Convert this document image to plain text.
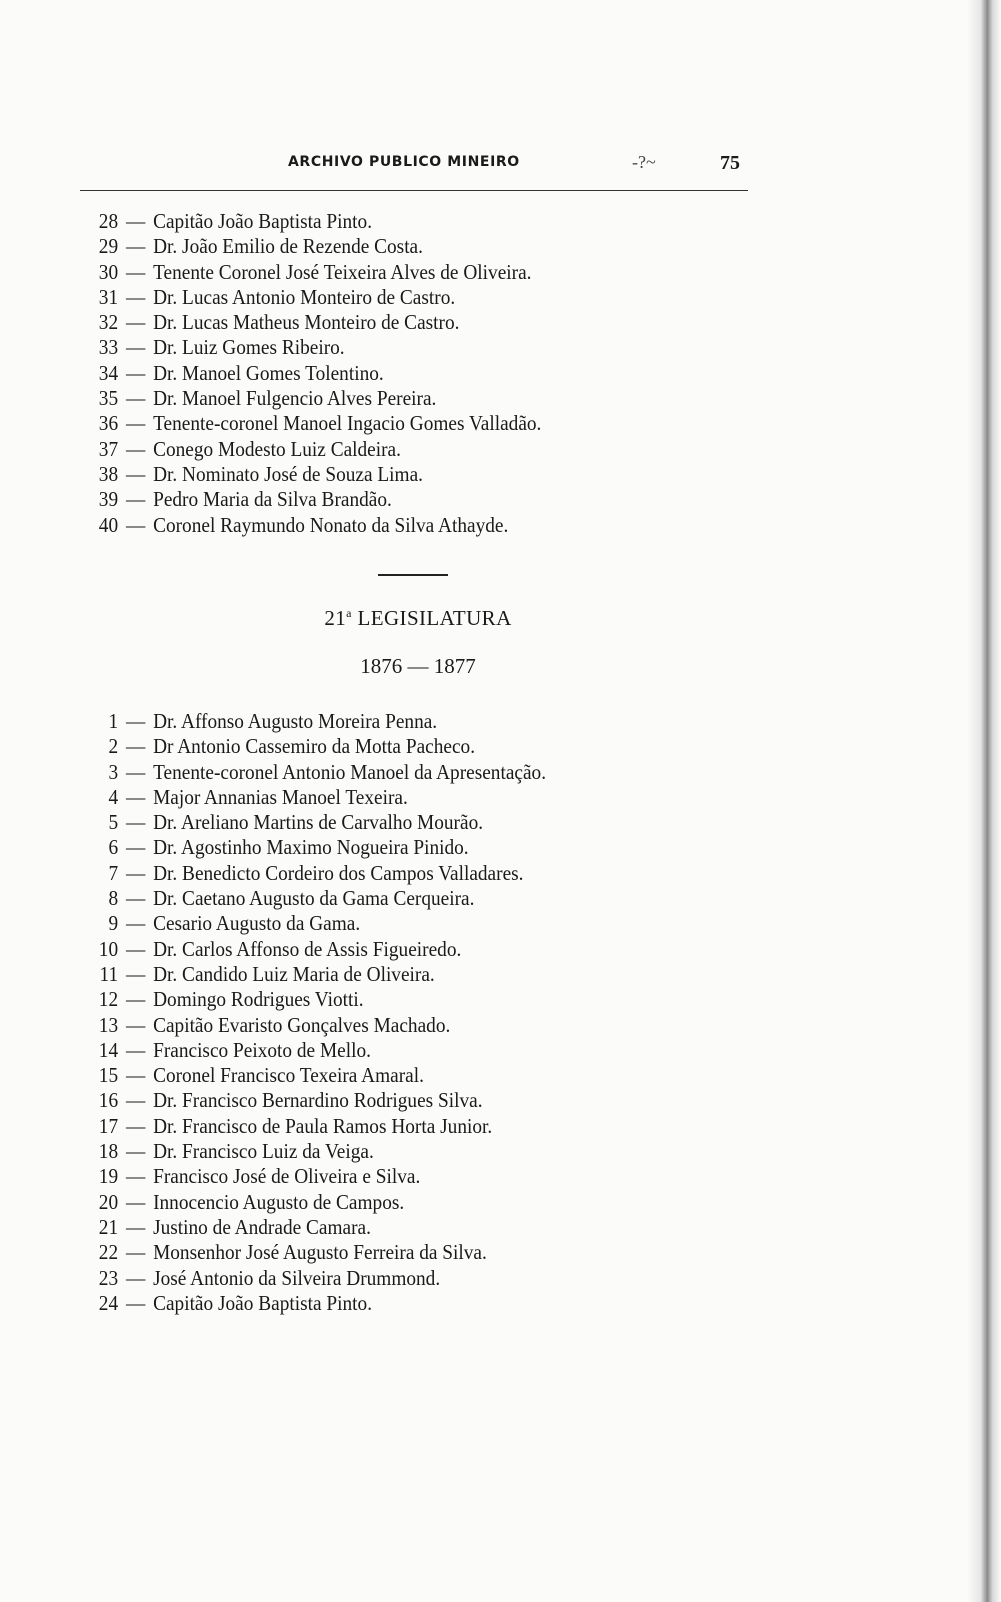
ARCHIVO PUBLICO MINEIRO	-?~	75
28 — Capitão João Baptista Pinto.
29 — Dr. João Emilio de Rezende Costa.
30 — Tenente Coronel José Teixeira Alves de Oliveira.
31 — Dr. Lucas Antonio Monteiro de Castro.
32 — Dr. Lucas Matheus Monteiro de Castro.
33 — Dr. Luiz Gomes Ribeiro.
34 — Dr. Manoel Gomes Tolentino.
35 — Dr. Manoel Fulgencio Alves Pereira.
36 — Tenente-coronel Manoel Ingacio Gomes Valladão.
37 — Conego Modesto Luiz Caldeira.
38 — Dr. Nominato José de Souza Lima.
39 — Pedro Maria da Silva Brandão.
40 — Coronel Raymundo Nonato da Silva Athayde.
21$^a$ LEGISILATURA
1876 — 1877
1 — Dr. Affonso Augusto Moreira Penna.
2 — Dr Antonio Cassemiro da Motta Pacheco.
3 — Tenente-coronel Antonio Manoel da Apresentação.
4 — Major Annanias Manoel Texeira.
5 — Dr. Areliano Martins de Carvalho Mourão.
6 — Dr. Agostinho Maximo Nogueira Pinido.
7 — Dr. Benedicto Cordeiro dos Campos Valladares.
8 — Dr. Caetano Augusto da Gama Cerqueira.
9 — Cesario Augusto da Gama.
10 — Dr. Carlos Affonso de Assis Figueiredo.
11 — Dr. Candido Luiz Maria de Oliveira.
12 — Domingo Rodrigues Viotti.
13 — Capitão Evaristo Gonçalves Machado.
14 — Francisco Peixoto de Mello.
15 — Coronel Francisco Texeira Amaral.
16 — Dr. Francisco Bernardino Rodrigues Silva.
17 — Dr. Francisco de Paula Ramos Horta Junior.
18 — Dr. Francisco Luiz da Veiga.
19 — Francisco José de Oliveira e Silva.
20 — Innocencio Augusto de Campos.
21 — Justino de Andrade Camara.
22 — Monsenhor José Augusto Ferreira da Silva.
23 — José Antonio da Silveira Drummond.
24 — Capitão João Baptista Pinto.
